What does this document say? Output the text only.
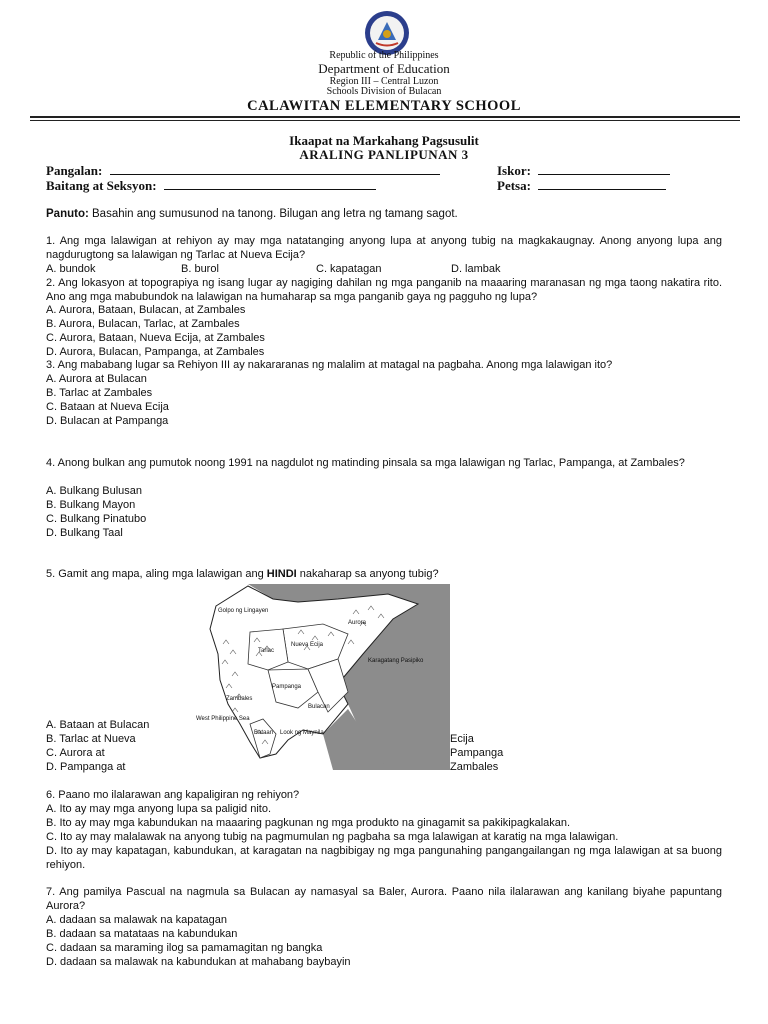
Republic of the Philippines
Department of Education
Region III – Central Luzon
Schools Division of Bulacan
CALAWITAN ELEMENTARY SCHOOL
Ikaapat na Markahang Pagsusulit
ARALING PANLIPUNAN 3
Pangalan:	Iskor:
Baitang at Seksyon:	Petsa:
Panuto: Basahin ang sumusunod na tanong. Bilugan ang letra ng tamang sagot.
1. Ang mga lalawigan at rehiyon ay may mga natatanging anyong lupa at anyong tubig na magkakaugnay. Anong anyong lupa ang nagdurugtong sa lalawigan ng Tarlac at Nueva Ecija?
A. bundok	B. burol	C. kapatagan	D. lambak
2. Ang lokasyon at topograpiya ng isang lugar ay nagiging dahilan ng mga panganib na maaaring maranasan ng mga taong nakatira rito. Ano ang mga mabubundok na lalawigan na humaharap sa mga panganib gaya ng pagguho ng lupa?
A. Aurora, Bataan, Bulacan, at Zambales
B. Aurora, Bulacan, Tarlac, at Zambales
C. Aurora, Bataan, Nueva Ecija, at Zambales
D. Aurora, Bulacan, Pampanga, at Zambales
3. Ang mababang lugar sa Rehiyon III ay nakararanas ng malalim at matagal na pagbaha. Anong mga lalawigan ito?
A. Aurora at Bulacan
B. Tarlac at Zambales
C. Bataan at Nueva Ecija
D. Bulacan at Pampanga
4. Anong bulkan ang pumutok noong 1991 na nagdulot ng matinding pinsala sa mga lalawigan ng Tarlac, Pampanga, at Zambales?
A. Bulkang Bulusan
B. Bulkang Mayon
C. Bulkang Pinatubo
D. Bulkang Taal
5. Gamit ang mapa, aling mga lalawigan ang HINDI nakaharap sa anyong tubig?
Golpo ng Lingayen
Nueva Ecija
Tarlac
Zambales
Pampanga
Bulacan
Bataan
Aurora
Karagatang Pasipiko
West Philippine Sea
Look ng Maynila
A. Bataan at Bulacan
B. Tarlac at Nueva	Ecija
C. Aurora at	Pampanga
D. Pampanga at	Zambales
6. Paano mo ilalarawan ang kapaligiran ng rehiyon?
A. Ito ay may mga anyong lupa sa paligid nito.
B. Ito ay may mga kabundukan na maaaring pagkunan ng mga produkto na ginagamit sa pakikipagkalakan.
C. Ito ay may malalawak na anyong tubig na pagmumulan ng pagbaha sa mga lalawigan at karatig na mga lalawigan.
D. Ito ay may kapatagan, kabundukan, at karagatan na nagbibigay ng mga pangunahing pangangailangan ng mga lalawigan at sa buong rehiyon.
7. Ang pamilya Pascual na nagmula sa Bulacan ay namasyal sa Baler, Aurora. Paano nila ilalarawan ang kanilang biyahe papuntang Aurora?
A. dadaan sa malawak na kapatagan
B. dadaan sa matataas na kabundukan
C. dadaan sa maraming ilog sa pamamagitan ng bangka
D. dadaan sa malawak na kabundukan at mahabang baybayin
